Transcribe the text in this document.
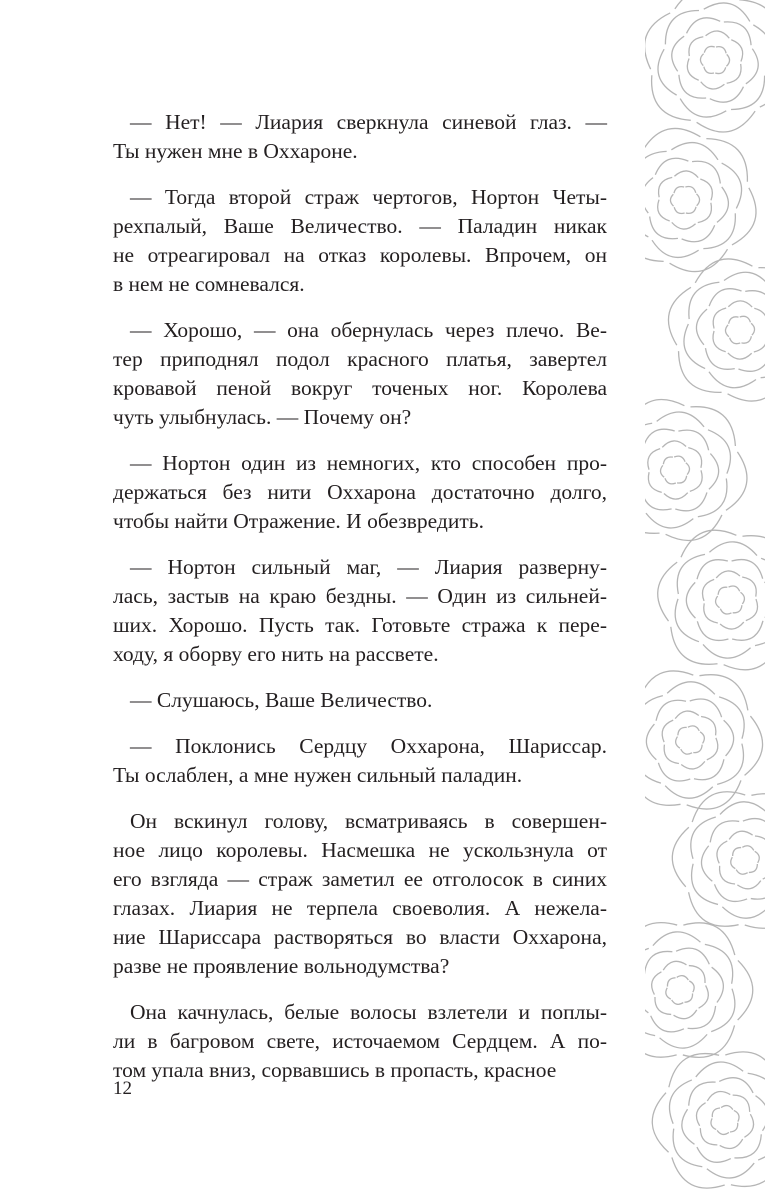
— Нет! — Лиария сверкнула синевой глаз. —
Ты нужен мне в Оххароне.
— Тогда второй страж чертогов, Нортон Четы-
рехпалый, Ваше Величество. — Паладин никак
не отреагировал на отказ королевы. Впрочем, он
в нем не сомневался.
— Хорошо, — она обернулась через плечо. Ве-
тер приподнял подол красного платья, завертел
кровавой пеной вокруг точеных ног. Королева
чуть улыбнулась. — Почему он?
— Нортон один из немногих, кто способен про-
держаться без нити Оххарона достаточно долго,
чтобы найти Отражение. И обезвредить.
— Нортон сильный маг, — Лиария разверну-
лась, застыв на краю бездны. — Один из сильней-
ших. Хорошо. Пусть так. Готовьте стража к пере-
ходу, я оборву его нить на рассвете.
— Слушаюсь, Ваше Величество.
— Поклонись Сердцу Оххарона, Шариссар.
Ты ослаблен, а мне нужен сильный паладин.
Он вскинул голову, всматриваясь в совершен-
ное лицо королевы. Насмешка не ускользнула от
его взгляда — страж заметил ее отголосок в синих
глазах. Лиария не терпела своеволия. А нежела-
ние Шариссара растворяться во власти Оххарона,
разве не проявление вольнодумства?
Она качнулась, белые волосы взлетели и поплы-
ли в багровом свете, источаемом Сердцем. А по-
том упала вниз, сорвавшись в пропасть, красное
12
